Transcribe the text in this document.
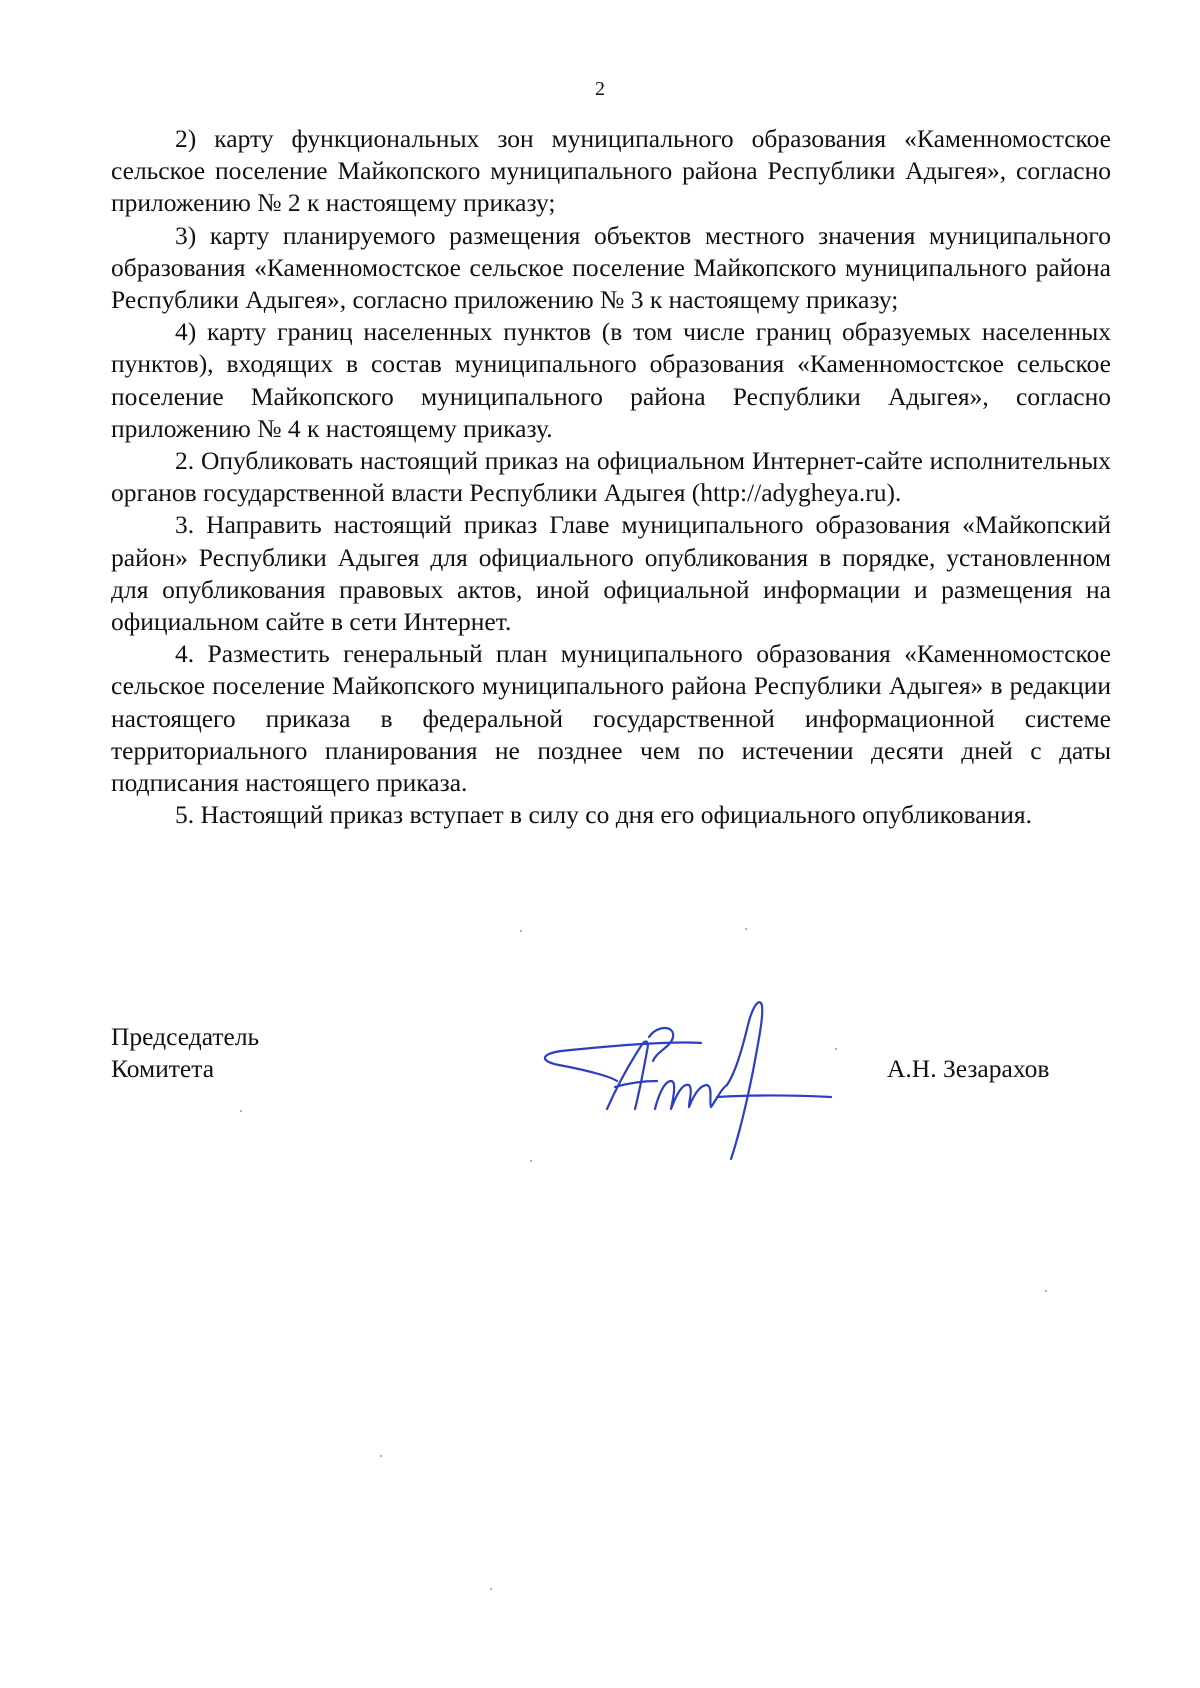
2

2) карту функциональных зон муниципального образования «Каменномостское сельское поселение Майкопского муниципального района Республики Адыгея», согласно приложению № 2 к настоящему приказу;

3) карту планируемого размещения объектов местного значения муниципального образования «Каменномостское сельское поселение Майкопского муниципального района Республики Адыгея», согласно приложению № 3 к настоящему приказу;

4) карту границ населенных пунктов (в том числе границ образуемых населенных пунктов), входящих в состав муниципального образования «Каменномостское сельское поселение Майкопского муниципального района Республики Адыгея», согласно приложению № 4 к настоящему приказу.

2. Опубликовать настоящий приказ на официальном Интернет-сайте исполнительных органов государственной власти Республики Адыгея (http://adygheya.ru).

3. Направить настоящий приказ Главе муниципального образования «Майкопский район» Республики Адыгея для официального опубликования в порядке, установленном для опубликования правовых актов, иной официальной информации и размещения на официальном сайте в сети Интернет.

4. Разместить генеральный план муниципального образования «Каменномостское сельское поселение Майкопского муниципального района Республики Адыгея» в редакции настоящего приказа в федеральной государственной информационной системе территориального планирования не позднее чем по истечении десяти дней с даты подписания настоящего приказа.

5. Настоящий приказ вступает в силу со дня его официального опубликования.

Председатель
Комитета	А.Н. Зезарахов
